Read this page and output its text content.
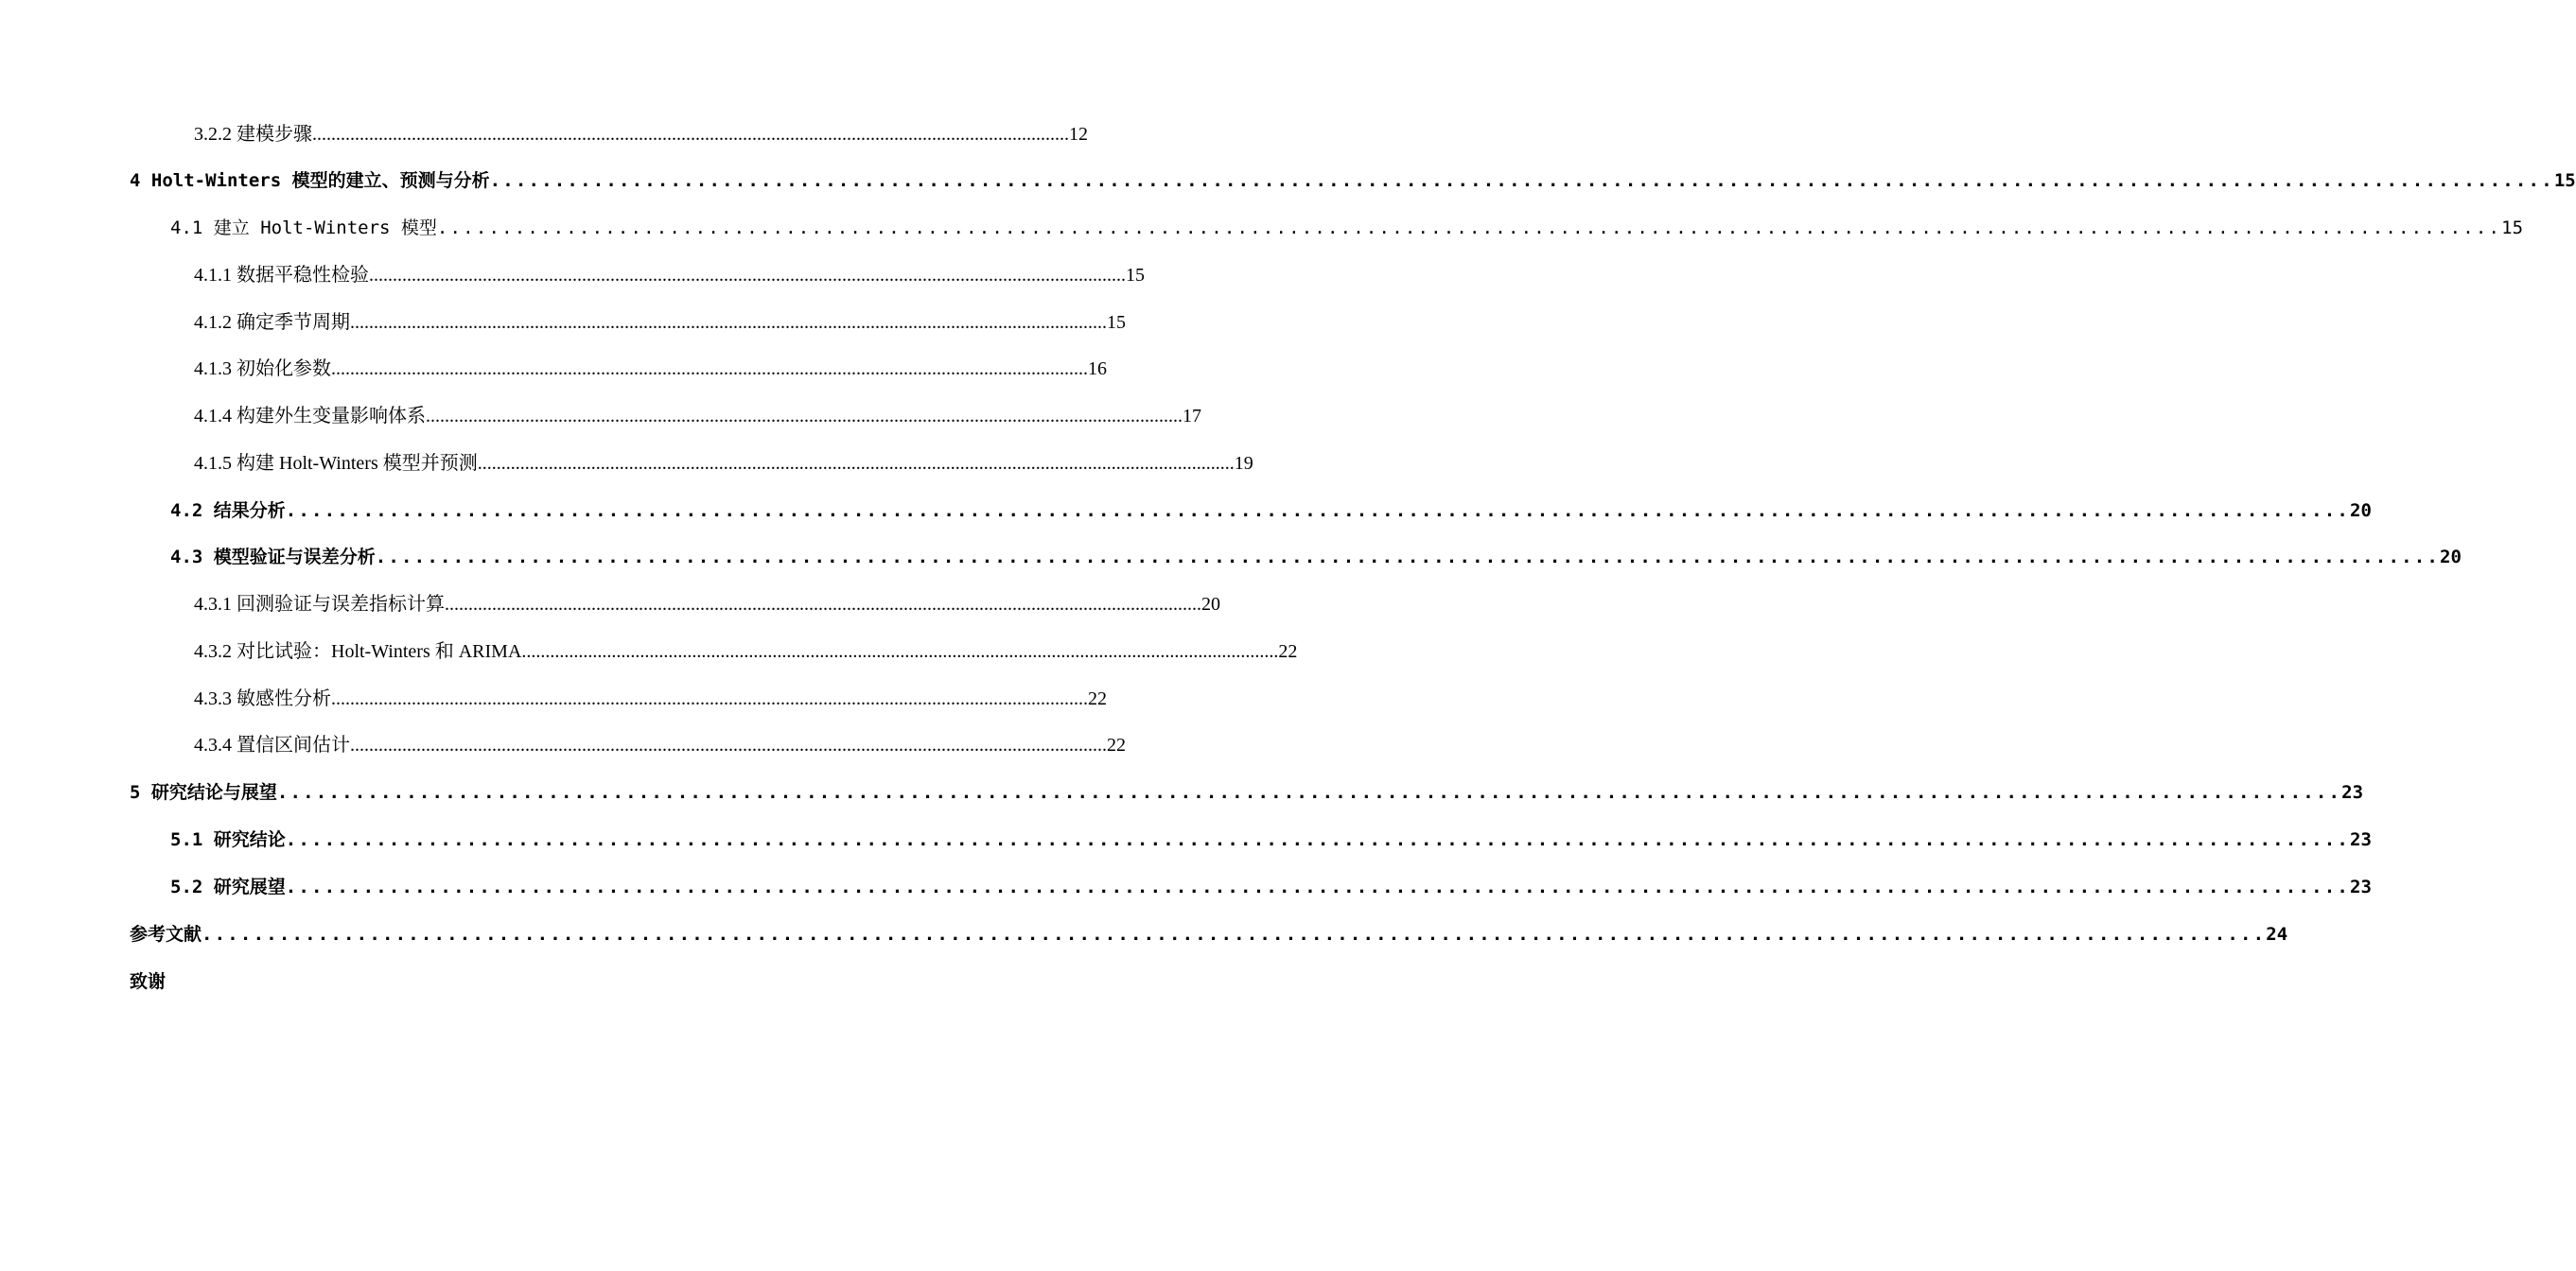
3.2.2 建模步骤 ................................................................................................................................................................ 12
4 Holt-Winters 模型的建立、预测与分析 ................................................................................................................................................................ 15
4.1 建立 Holt-Winters 模型 ................................................................................................................................................................ 15
4.1.1 数据平稳性检验 ................................................................................................................................................................ 15
4.1.2 确定季节周期 ................................................................................................................................................................ 15
4.1.3 初始化参数 ................................................................................................................................................................ 16
4.1.4 构建外生变量影响体系 ................................................................................................................................................................ 17
4.1.5 构建 Holt-Winters 模型并预测 ................................................................................................................................................................ 19
4.2 结果分析 ................................................................................................................................................................ 20
4.3 模型验证与误差分析 ................................................................................................................................................................ 20
4.3.1 回测验证与误差指标计算 ................................................................................................................................................................ 20
4.3.2 对比试验：Holt-Winters 和 ARIMA ................................................................................................................................................................ 22
4.3.3 敏感性分析 ................................................................................................................................................................ 22
4.3.4 置信区间估计 ................................................................................................................................................................ 22
5 研究结论与展望 ................................................................................................................................................................ 23
5.1 研究结论 ................................................................................................................................................................ 23
5.2 研究展望 ................................................................................................................................................................ 23
参考文献 ................................................................................................................................................................ 24
致谢
